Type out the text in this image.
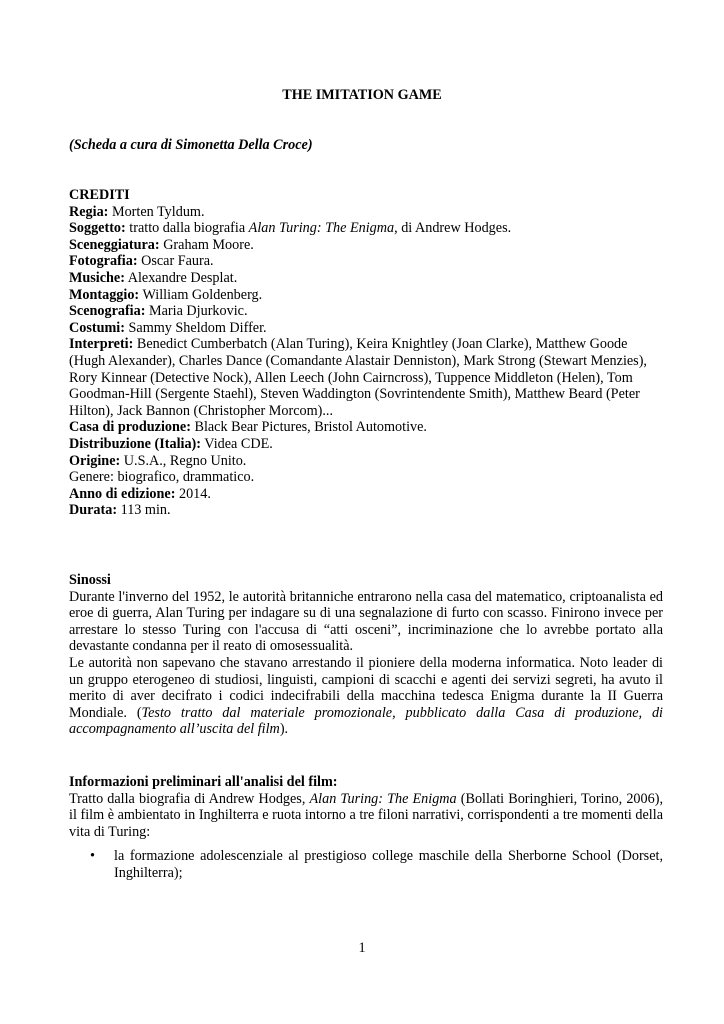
THE IMITATION GAME
(Scheda a cura di Simonetta Della Croce)
CREDITI
Regia: Morten Tyldum.
Soggetto: tratto dalla biografia Alan Turing: The Enigma, di Andrew Hodges.
Sceneggiatura: Graham Moore.
Fotografia: Oscar Faura.
Musiche: Alexandre Desplat.
Montaggio: William Goldenberg.
Scenografia: Maria Djurkovic.
Costumi: Sammy Sheldom Differ.
Interpreti: Benedict Cumberbatch (Alan Turing), Keira Knightley (Joan Clarke), Matthew Goode
(Hugh Alexander), Charles Dance (Comandante Alastair Denniston), Mark Strong (Stewart Menzies),
Rory Kinnear (Detective Nock), Allen Leech (John Cairncross), Tuppence Middleton (Helen), Tom
Goodman-Hill (Sergente Staehl), Steven Waddington (Sovrintendente Smith), Matthew Beard (Peter
Hilton), Jack Bannon (Christopher Morcom)...
Casa di produzione: Black Bear Pictures, Bristol Automotive.
Distribuzione (Italia): Videa CDE.
Origine: U.S.A., Regno Unito.
Genere: biografico, drammatico.
Anno di edizione: 2014.
Durata: 113 min.
Sinossi

Durante l'inverno del 1952, le autorità britanniche entrarono nella casa del matematico, criptoanalista ed eroe di guerra, Alan Turing per indagare su di una segnalazione di furto con scasso. Finirono invece per arrestare lo stesso Turing con l'accusa di “atti osceni”, incriminazione che lo avrebbe portato alla devastante condanna per il reato di omosessualità.

Le autorità non sapevano che stavano arrestando il pioniere della moderna informatica. Noto leader di un gruppo eterogeneo di studiosi, linguisti, campioni di scacchi e agenti dei servizi segreti, ha avuto il merito di aver decifrato i codici indecifrabili della macchina tedesca Enigma durante la II Guerra Mondiale. (Testo tratto dal materiale promozionale, pubblicato dalla Casa di produzione, di accompagnamento all’uscita del film).

Informazioni preliminari all'analisi del film:

Tratto dalla biografia di Andrew Hodges, Alan Turing: The Enigma (Bollati Boringhieri, Torino, 2006), il film è ambientato in Inghilterra e ruota intorno a tre filoni narrativi, corrispondenti a tre momenti della vita di Turing:

• la formazione adolescenziale al prestigioso college maschile della Sherborne School (Dorset, Inghilterra);
1
